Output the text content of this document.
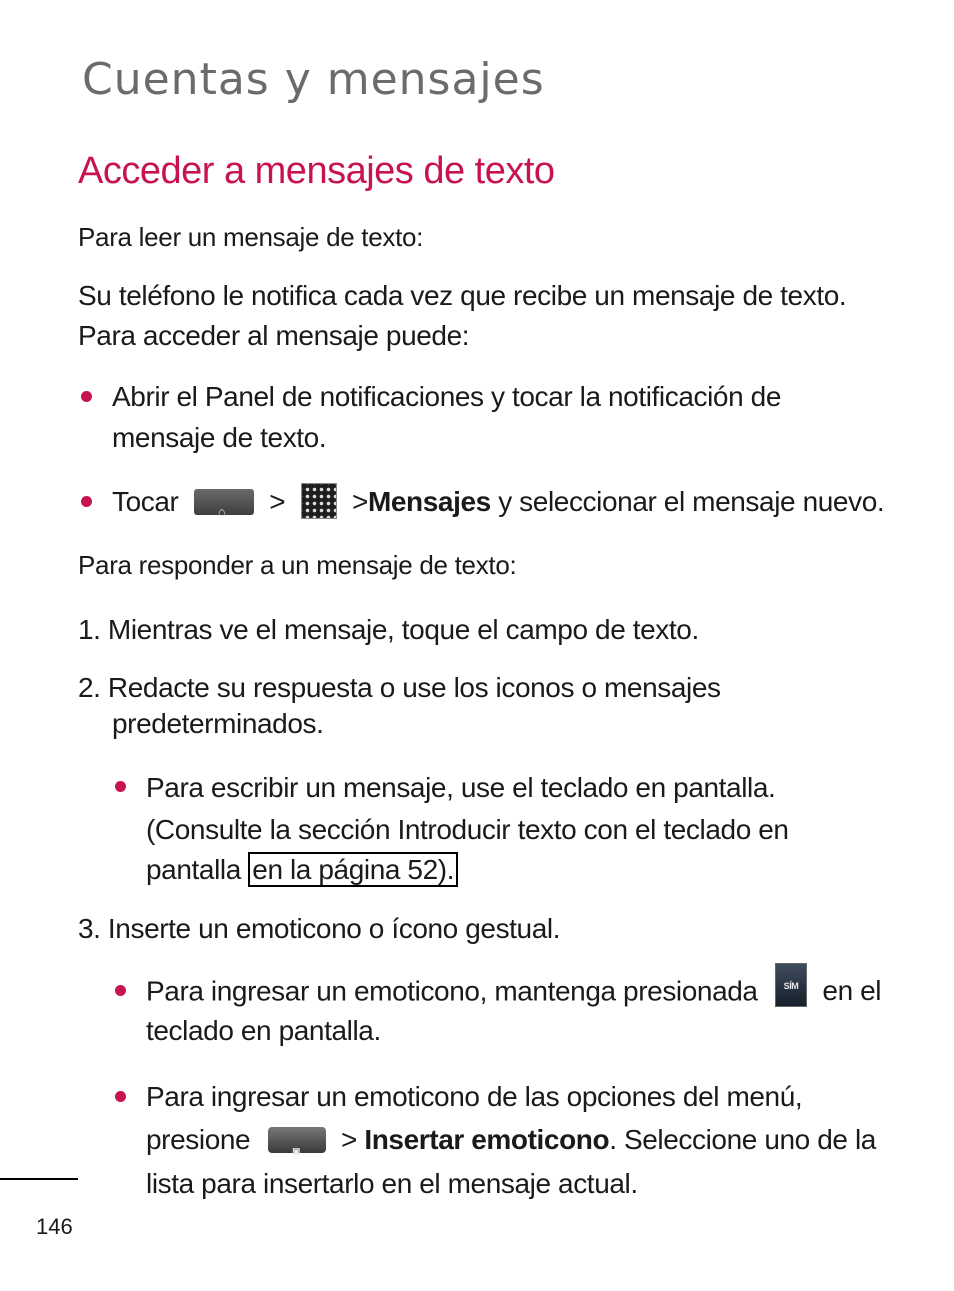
Cuentas y mensajes
Acceder a mensajes de texto
Para leer un mensaje de texto:
Su teléfono le notifica cada vez que recibe un mensaje de texto.
Para acceder al mensaje puede:
Abrir el Panel de notificaciones y tocar la notificación de
mensaje de texto.
Tocar	⌂ > >Mensajes y seleccionar el mensaje nuevo.
Para responder a un mensaje de texto:
1. Mientras ve el mensaje, toque el campo de texto.
2. Redacte su respuesta o use los iconos o mensajes
predeterminados.
Para escribir un mensaje, use el teclado en pantalla.
(Consulte la sección Introducir texto con el teclado en
pantalla en la página 52).
3. Inserte un emoticono o ícono gestual.
Para ingresar un emoticono, mantenga presionada	SÍM en el
teclado en pantalla.
Para ingresar un emoticono de las opciones del menú,
presione	◙ > Insertar emoticono. Seleccione uno de la
lista para insertarlo en el mensaje actual.
146
